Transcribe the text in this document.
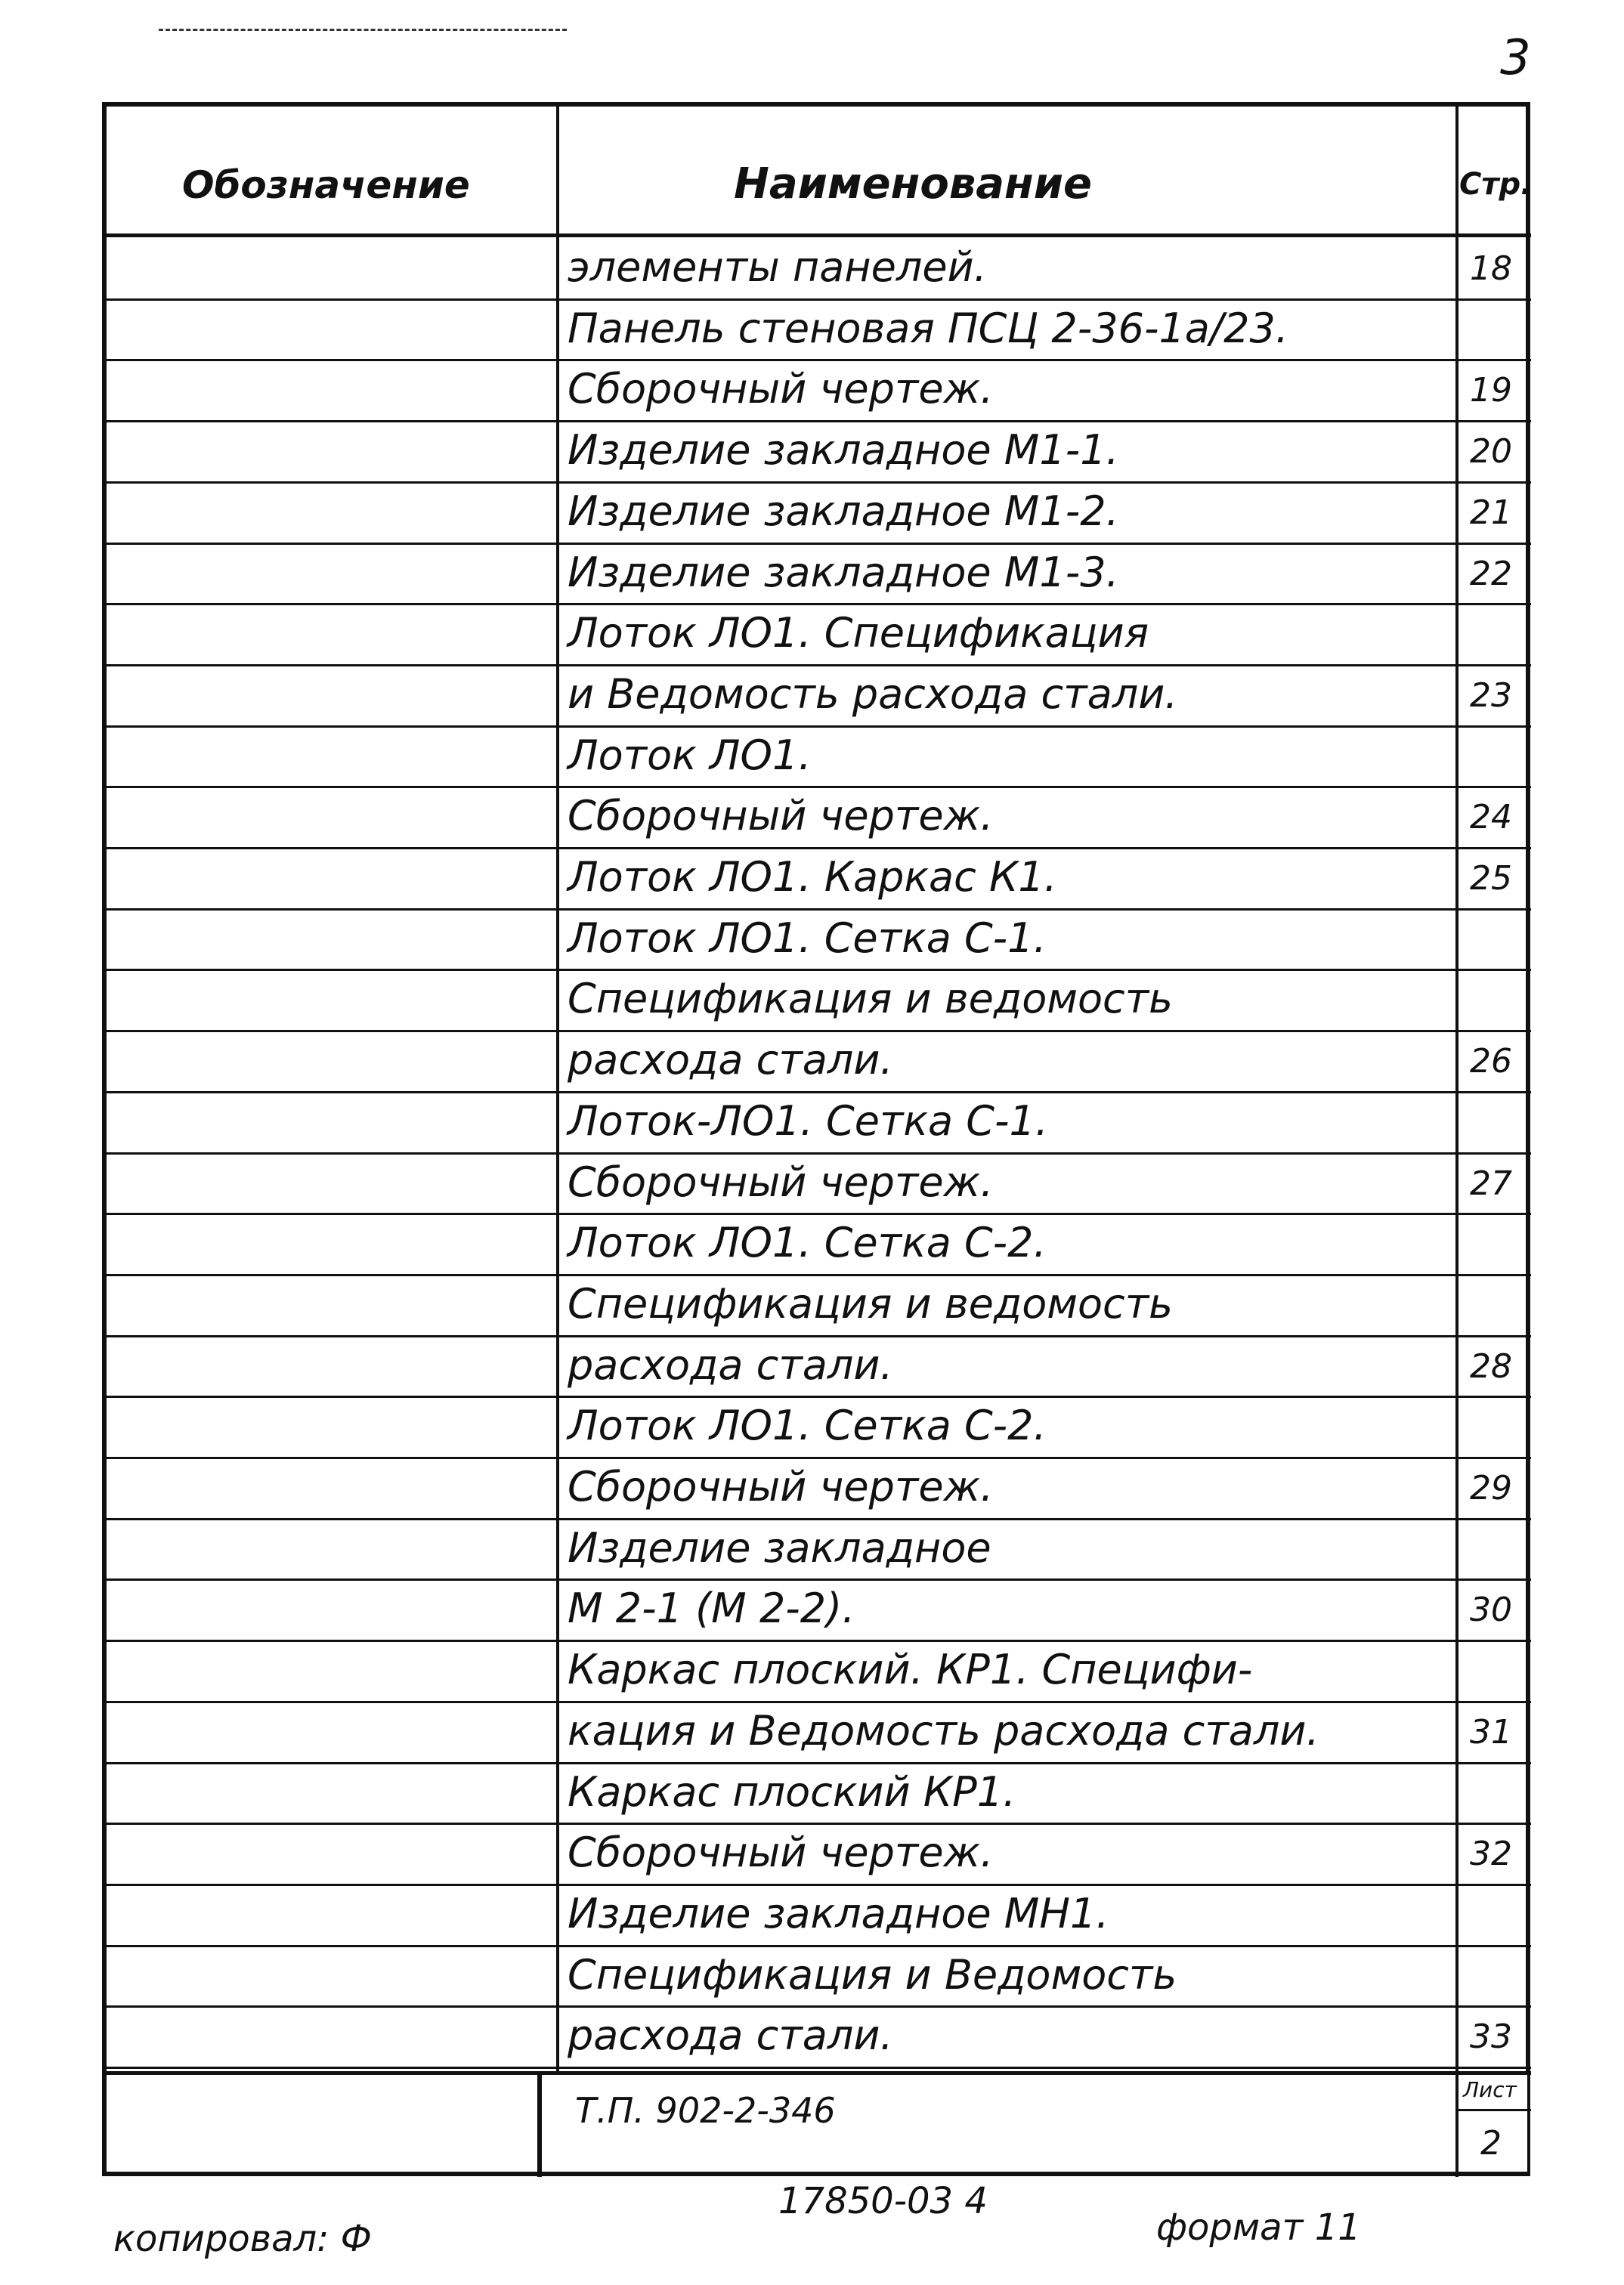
3
Обозначение	Наименование	Стр.
элементы панелей.	18
Панель стеновая ПСЦ 2-36-1а/23.
Сборочный чертеж.	19
Изделие закладное М1-1.	20
Изделие закладное М1-2.	21
Изделие закладное М1-3.	22
Лоток ЛО1. Спецификация
и Ведомость расхода стали.	23
Лоток ЛО1.
Сборочный чертеж.	24
Лоток ЛО1. Каркас К1.	25
Лоток ЛО1. Сетка С-1.
Спецификация и ведомость
расхода стали.	26
Лоток-ЛО1. Сетка С-1.
Сборочный чертеж.	27
Лоток ЛО1. Сетка С-2.
Спецификация и ведомость
расхода стали.	28
Лоток ЛО1. Сетка С-2.
Сборочный чертеж.	29
Изделие закладное
М 2-1 (М 2-2).	30
Каркас плоский. КР1. Специфи-
кация и Ведомость расхода стали.	31
Каркас плоский КР1.
Сборочный чертеж.	32
Изделие закладное МН1.
Спецификация и Ведомость
расхода стали.	33
Т.П. 902-2-346
Лист
2
копировал: Ф
17850-03 4
формат 11
